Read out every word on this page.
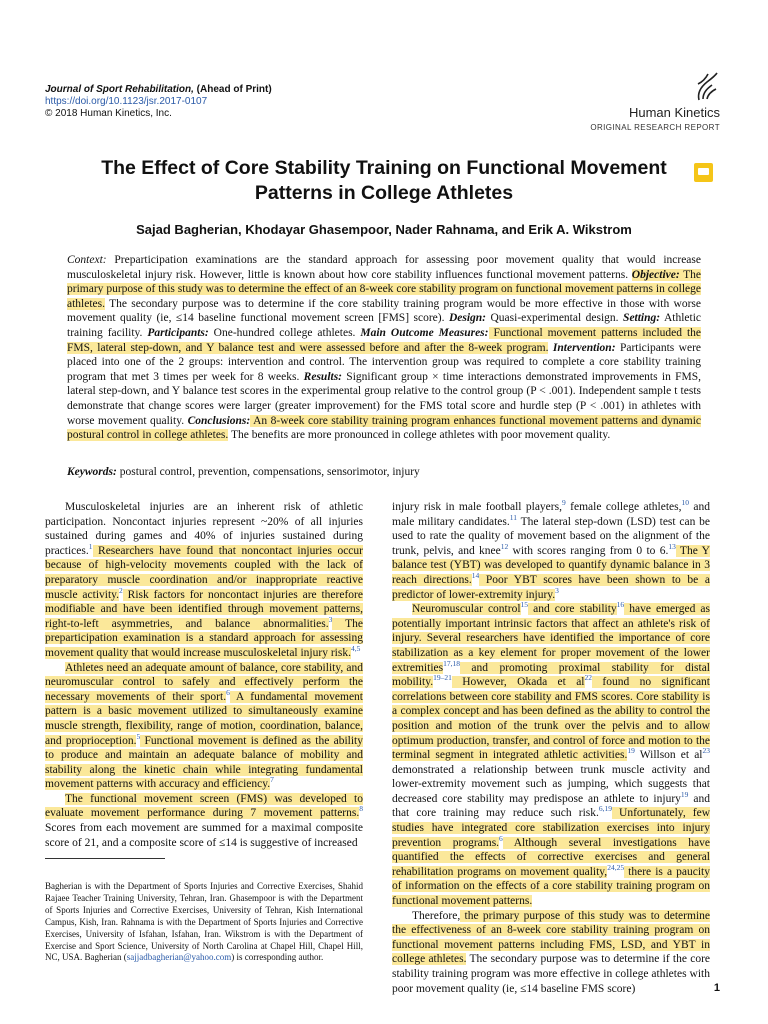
Journal of Sport Rehabilitation, (Ahead of Print)
https://doi.org/10.1123/jsr.2017-0107
© 2018 Human Kinetics, Inc.	Human Kinetics
ORIGINAL RESEARCH REPORT
The Effect of Core Stability Training on Functional Movement
Patterns in College Athletes
Sajad Bagherian, Khodayar Ghasempoor, Nader Rahnama, and Erik A. Wikstrom

Context: Preparticipation examinations are the standard approach for assessing poor movement quality that would increase musculoskeletal injury risk. However, little is known about how core stability influences functional movement patterns. Objective: The primary purpose of this study was to determine the effect of an 8-week core stability program on functional movement patterns in college athletes. The secondary purpose was to determine if the core stability training program would be more effective in those with worse movement quality (ie, ≤14 baseline functional movement screen [FMS] score). Design: Quasi-experimental design. Setting: Athletic training facility. Participants: One-hundred college athletes. Main Outcome Measures: Functional movement patterns included the FMS, lateral step-down, and Y balance test and were assessed before and after the 8-week program. Intervention: Participants were placed into one of the 2 groups: intervention and control. The intervention group was required to complete a core stability training program that met 3 times per week for 8 weeks. Results: Significant group × time interactions demonstrated improvements in FMS, lateral step-down, and Y balance test scores in the experimental group relative to the control group (P < .001). Independent sample t tests demonstrate that change scores were larger (greater improvement) for the FMS total score and hurdle step (P < .001) in athletes with worse movement quality. Conclusions: An 8-week core stability training program enhances functional movement patterns and dynamic postural control in college athletes. The benefits are more pronounced in college athletes with poor movement quality.

Keywords: postural control, prevention, compensations, sensorimotor, injury

Musculoskeletal injuries are an inherent risk of athletic participation. Noncontact injuries represent ~20% of all injuries sustained during games and 40% of injuries sustained during practices.$^1$ Researchers have found that noncontact injuries occur because of high-velocity movements coupled with the lack of preparatory muscle coordination and/or inappropriate reactive muscle activity.$^2$ Risk factors for noncontact injuries are therefore modifiable and have been identified through movement patterns, right-to-left asymmetries, and balance abnormalities.$^3$ The preparticipation examination is a standard approach for assessing movement quality that would increase musculoskeletal injury risk.$^{4,5}$

Athletes need an adequate amount of balance, core stability, and neuromuscular control to safely and effectively perform the necessary movements of their sport.$^6$ A fundamental movement pattern is a basic movement utilized to simultaneously examine muscle strength, flexibility, range of motion, coordination, balance, and proprioception.$^5$ Functional movement is defined as the ability to produce and maintain an adequate balance of mobility and stability along the kinetic chain while integrating fundamental movement patterns with accuracy and efficiency.$^7$

The functional movement screen (FMS) was developed to evaluate movement performance during 7 movement patterns.$^8$ Scores from each movement are summed for a maximal composite score of 21, and a composite score of ≤14 is suggestive of increased

injury risk in male football players,$^9$ female college athletes,$^{10}$ and male military candidates.$^{11}$ The lateral step-down (LSD) test can be used to rate the quality of movement based on the alignment of the trunk, pelvis, and knee$^{12}$ with scores ranging from 0 to 6.13 The Y balance test (YBT) was developed to quantify dynamic balance in 3 reach directions.$^{14}$ Poor YBT scores have been shown to be a predictor of lower-extremity injury.$^3$

Neuromuscular control$^{15}$ and core stability$^{16}$ have emerged as potentially important intrinsic factors that affect an athlete's risk of injury. Several researchers have identified the importance of core stabilization as a key element for proper movement of the lower extremities$^{17,18}$ and promoting proximal stability for distal mobility.$^{19-21}$ However, Okada et $al^{22}$ found no significant correlations between core stability and FMS scores. Core stability is a complex concept and has been defined as the ability to control the position and motion of the trunk over the pelvis and to allow optimum production, transfer, and control of force and motion to the terminal segment in integrated athletic activities.$^{19}$ Willson et $al^{23}$ demonstrated a relationship between trunk muscle activity and lower-extremity movement such as jumping, which suggests that decreased core stability may predispose an athlete to injury$^{19}$ and that core training may reduce such risk.$^{6,19}$ Unfortunately, few studies have integrated core stabilization exercises into injury prevention programs.$^6$ Although several investigations have quantified the effects of corrective exercises and general rehabilitation programs on movement quality,$^{24,25}$ there is a paucity of information on the effects of a core stability training program on functional movement patterns.

Therefore, the primary purpose of this study was to determine the effectiveness of an 8-week core stability training program on functional movement patterns including FMS, LSD, and YBT in college athletes. The secondary purpose was to determine if the core stability training program was more effective in college athletes with poor movement quality (ie, ≤14 baseline FMS score)

Bagherian is with the Department of Sports Injuries and Corrective Exercises, Shahid Rajaee Teacher Training University, Tehran, Iran. Ghasempoor is with the Department of Sports Injuries and Corrective Exercises, University of Tehran, Kish International Campus, Kish, Iran. Rahnama is with the Department of Sports Injuries and Corrective Exercises, University of Isfahan, Isfahan, Iran. Wikstrom is with the Department of Exercise and Sport Science, University of North Carolina at Chapel Hill, Chapel Hill, NC, USA. Bagherian (sajjadbagherian@yahoo.com) is corresponding author.
1
